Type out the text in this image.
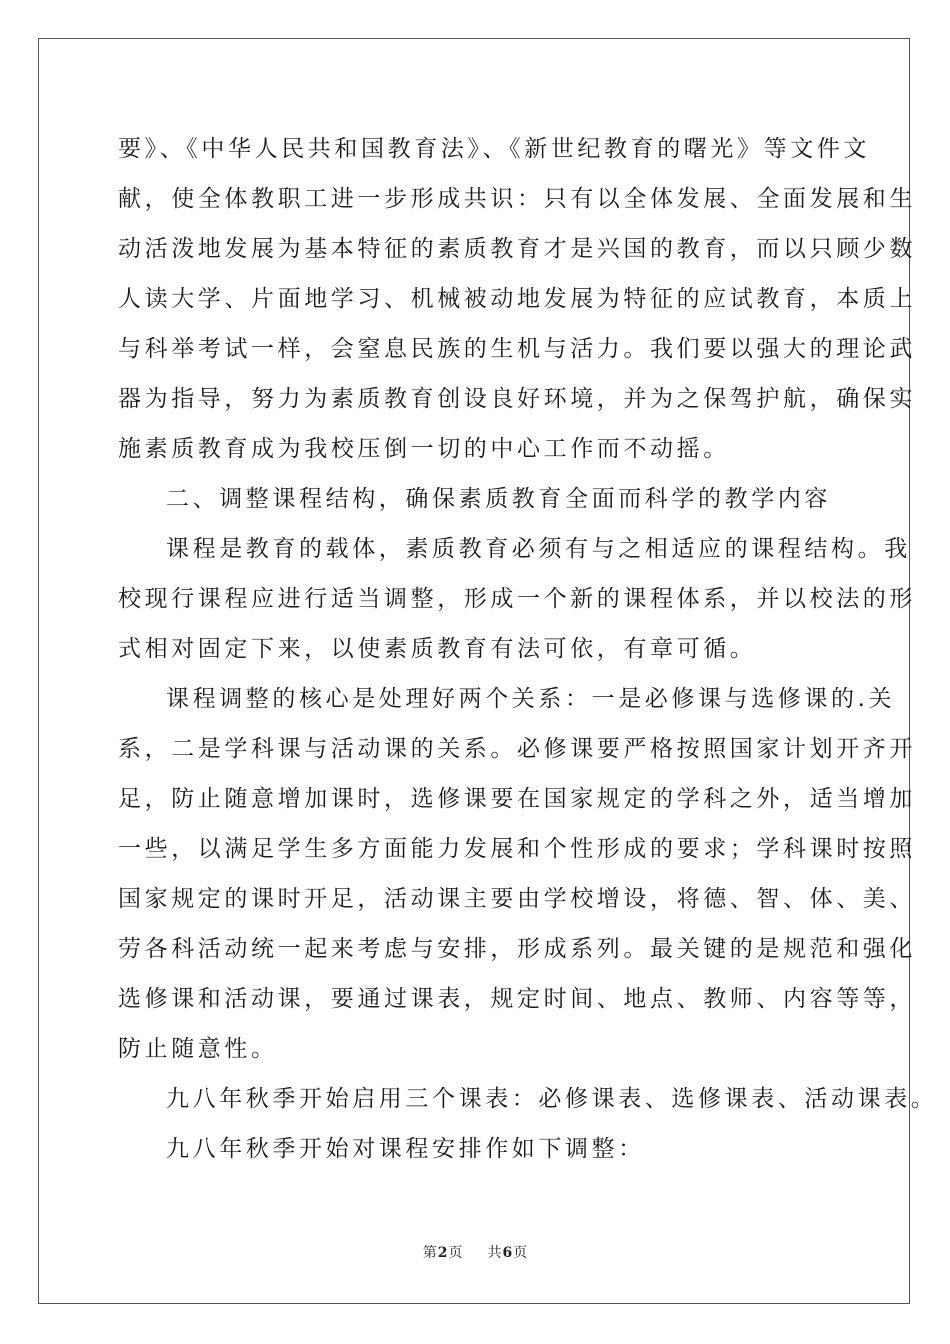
要》、《中华人民共和国教育法》、《新世纪教育的曙光》等文件文
献，使全体教职工进一步形成共识：只有以全体发展、全面发展和生
动活泼地发展为基本特征的素质教育才是兴国的教育，而以只顾少数
人读大学、片面地学习、机械被动地发展为特征的应试教育，本质上
与科举考试一样，会窒息民族的生机与活力。我们要以强大的理论武
器为指导，努力为素质教育创设良好环境，并为之保驾护航，确保实
施素质教育成为我校压倒一切的中心工作而不动摇。
二、调整课程结构，确保素质教育全面而科学的教学内容
课程是教育的载体，素质教育必须有与之相适应的课程结构。我
校现行课程应进行适当调整，形成一个新的课程体系，并以校法的形
式相对固定下来，以使素质教育有法可依，有章可循。
课程调整的核心是处理好两个关系：一是必修课与选修课的.关
系，二是学科课与活动课的关系。必修课要严格按照国家计划开齐开
足，防止随意增加课时，选修课要在国家规定的学科之外，适当增加
一些，以满足学生多方面能力发展和个性形成的要求；学科课时按照
国家规定的课时开足，活动课主要由学校增设，将德、智、体、美、
劳各科活动统一起来考虑与安排，形成系列。最关键的是规范和强化
选修课和活动课，要通过课表，规定时间、地点、教师、内容等等，
防止随意性。
九八年秋季开始启用三个课表：必修课表、选修课表、活动课表。
九八年秋季开始对课程安排作如下调整：
第2页 共6页
